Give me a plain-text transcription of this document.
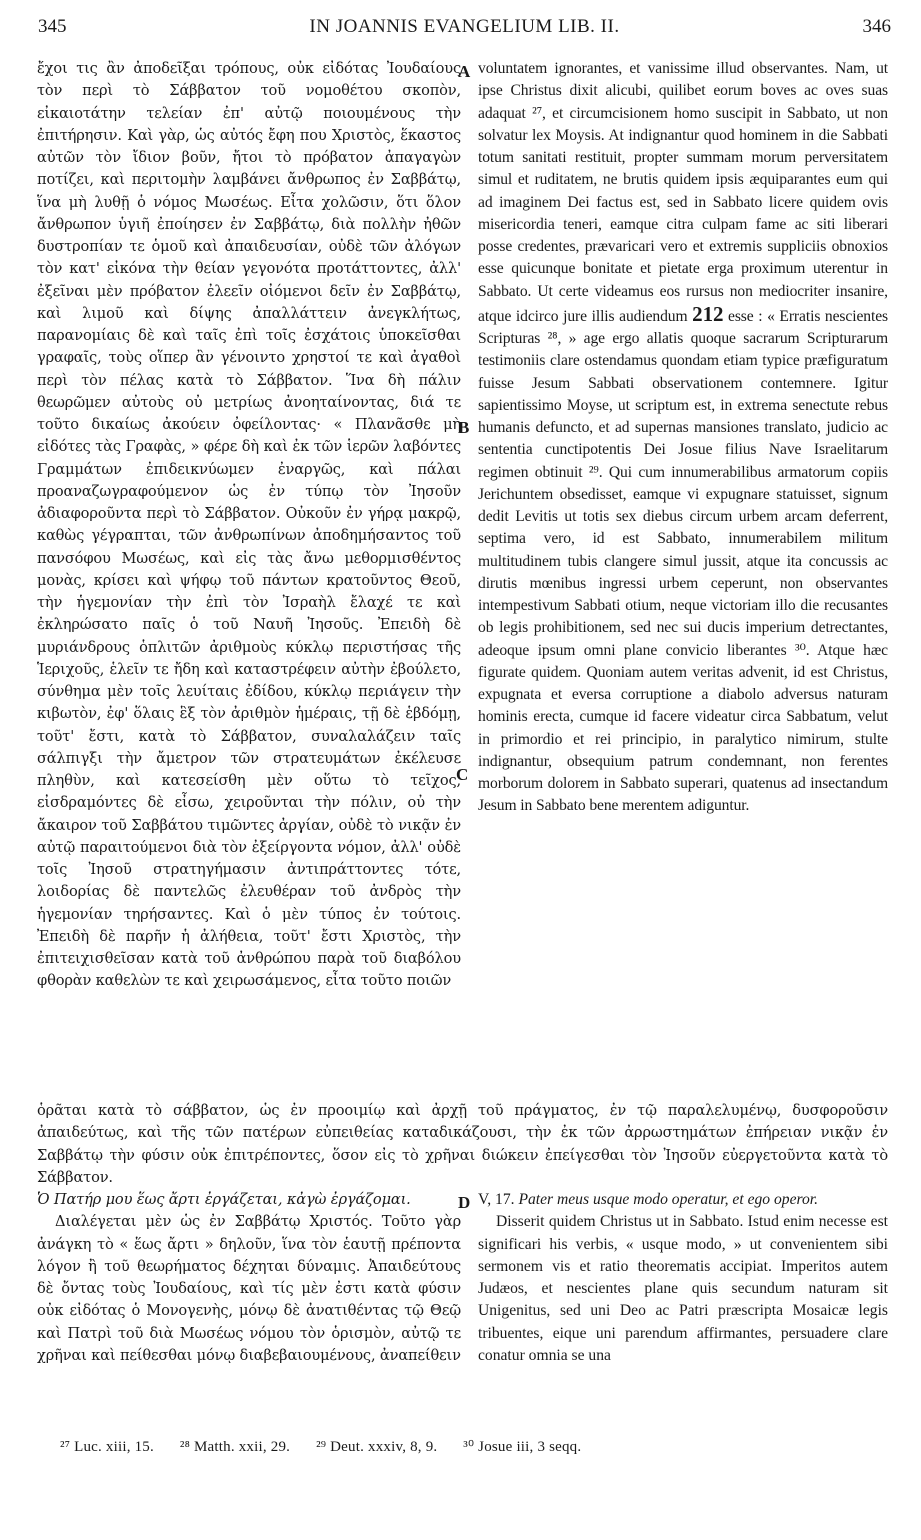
345	IN JOANNIS EVANGELIUM LIB. II.	346

ἔχοι τις ἂν ἀποδεῖξαι τρόπους, οὐκ εἰδότας Ἰουδαίους τὸν περὶ τὸ Σάββατον τοῦ νομοθέτου σκοπὸν, εἰκαιοτάτην τελείαν ἐπ' αὐτῷ ποιουμένους τὴν ἐπιτήρησιν. Καὶ γὰρ, ὡς αὐτός ἔφη που Χριστὸς, ἕκαστος αὐτῶν τὸν ἴδιον βοῦν, ἤτοι τὸ πρόβατον ἀπαγαγὼν ποτίζει, καὶ περιτομὴν λαμβάνει ἄνθρωπος ἐν Σαββάτῳ, ἵνα μὴ λυθῇ ὁ νόμος Μωσέως. Εἶτα χολῶσιν, ὅτι ὅλον ἄνθρωπον ὑγιῆ ἐποίησεν ἐν Σαββάτῳ, διὰ πολλὴν ἠθῶν δυστροπίαν τε ὁμοῦ καὶ ἀπαιδευσίαν, οὐδὲ τῶν ἀλόγων τὸν κατ' εἰκόνα τὴν θείαν γεγονότα προτάττοντες, ἀλλ' ἐξεῖναι μὲν πρόβατον ἐλεεῖν οἰόμενοι δεῖν ἐν Σαββάτῳ, καὶ λιμοῦ καὶ δίψης ἀπαλλάττειν ἀνεγκλήτως, παρανομίαις δὲ καὶ ταῖς ἐπὶ τοῖς ἐσχάτοις ὑποκεῖσθαι γραφαῖς, τοὺς οἵπερ ἂν γένοιντο χρηστοί τε καὶ ἀγαθοὶ περὶ τὸν πέλας κατὰ τὸ Σάββατον. Ἵνα δὴ πάλιν θεωρῶμεν αὐτοὺς οὐ μετρίως ἀνοηταίνοντας, διά τε τοῦτο δικαίως ἀκούειν ὀφείλοντας· « Πλανᾶσθε μὴ εἰδότες τὰς Γραφὰς, » φέρε δὴ καὶ ἐκ τῶν ἱερῶν λαβόντες Γραμμάτων ἐπιδεικνύωμεν ἐναργῶς, καὶ πάλαι προαναζωγραφούμενον ὡς ἐν τύπῳ τὸν Ἰησοῦν ἀδιαφοροῦντα περὶ τὸ Σάββατον. Οὐκοῦν ἐν γήρᾳ μακρῷ, καθὼς γέγραπται, τῶν ἀνθρωπίνων ἀποδημήσαντος τοῦ πανσόφου Μωσέως, καὶ εἰς τὰς ἄνω μεθορμισθέντος μονὰς, κρίσει καὶ ψήφῳ τοῦ πάντων κρατοῦντος Θεοῦ, τὴν ἡγεμονίαν τὴν ἐπὶ τὸν Ἰσραὴλ ἔλαχέ τε καὶ ἐκληρώσατο παῖς ὁ τοῦ Ναυῆ Ἰησοῦς. Ἐπειδὴ δὲ μυριάνδρους ὁπλιτῶν ἀριθμοὺς κύκλῳ περιστήσας τῆς Ἱεριχοῦς, ἑλεῖν τε ἤδη καὶ καταστρέφειν αὐτὴν ἐβούλετο, σύνθημα μὲν τοῖς λευίταις ἐδίδου, κύκλῳ περιάγειν τὴν κιβωτὸν, ἐφ' ὅλαις ἓξ τὸν ἀριθμὸν ἡμέραις, τῇ δὲ ἑβδόμῃ, τοῦτ' ἔστι, κατὰ τὸ Σάββατον, συναλαλάζειν ταῖς σάλπιγξι τὴν ἄμετρον τῶν στρατευμάτων ἐκέλευσε πληθὺν, καὶ κατεσείσθη μὲν οὕτω τὸ τεῖχος, εἰσδραμόντες δὲ εἶσω, χειροῦνται τὴν πόλιν, οὐ τὴν ἄκαιρον τοῦ Σαββάτου τιμῶντες ἀργίαν, οὐδὲ τὸ νικᾷν ἐν αὐτῷ παραιτούμενοι διὰ τὸν ἐξείργοντα νόμον, ἀλλ' οὐδὲ τοῖς Ἰησοῦ στρατηγήμασιν ἀντιπράττοντες τότε, λοιδορίας δὲ παντελῶς ἐλευθέραν τοῦ ἀνδρὸς τὴν ἡγεμονίαν τηρήσαντες. Καὶ ὁ μὲν τύπος ἐν τούτοις. Ἐπειδὴ δὲ παρῆν ἡ ἀλήθεια, τοῦτ' ἔστι Χριστὸς, τὴν ἐπιτειχισθεῖσαν κατὰ τοῦ ἀνθρώπου παρὰ τοῦ διαβόλου φθορὰν καθελὼν τε καὶ χειρωσάμενος, εἶτα τοῦτο ποιῶν

A
B
C
D

voluntatem ignorantes, et vanissime illud observantes. Nam, ut ipse Christus dixit alicubi, quilibet eorum boves ac oves suas adaquat ²⁷, et circumcisionem homo suscipit in Sabbato, ut non solvatur lex Moysis. At indignantur quod hominem in die Sabbati totum sanitati restituit, propter summam morum perversitatem simul et ruditatem, ne brutis quidem ipsis æquiparantes eum qui ad imaginem Dei factus est, sed in Sabbato licere quidem ovis misericordia teneri, eamque citra culpam fame ac siti liberari posse credentes, prævaricari vero et extremis suppliciis obnoxios esse quicunque bonitate et pietate erga proximum uterentur in Sabbato. Ut certe videamus eos rursus non mediocriter insanire, atque idcirco jure illis audiendum 212 esse : « Erratis nescientes Scripturas ²⁸, » age ergo allatis quoque sacrarum Scripturarum testimoniis clare ostendamus quondam etiam typice præfiguratum fuisse Jesum Sabbati observationem contemnere. Igitur sapientissimo Moyse, ut scriptum est, in extrema senectute rebus humanis defuncto, et ad supernas mansiones translato, judicio ac sententia cunctipotentis Dei Josue filius Nave Israelitarum regimen obtinuit ²⁹. Qui cum innumerabilibus armatorum copiis Jerichuntem obsedisset, eamque vi expugnare statuisset, signum dedit Levitis ut totis sex diebus circum urbem arcam deferrent, septima vero, id est Sabbato, innumerabilem militum multitudinem tubis clangere simul jussit, atque ita concussis ac dirutis mœnibus ingressi urbem ceperunt, non observantes intempestivum Sabbati otium, neque victoriam illo die recusantes ob legis prohibitionem, sed nec sui ducis imperium detrectantes, adeoque ipsum omni plane convicio liberantes ³⁰. Atque hæc figurate quidem. Quoniam autem veritas advenit, id est Christus, expugnata et eversa corruptione a diabolo adversus naturam hominis erecta, cumque id facere videatur circa Sabbatum, velut in primordio et rei principio, in paralytico nimirum, stulte indignantur, obsequium patrum condemnant, non ferentes morborum dolorem in Sabbato superari, quatenus ad insectandum Jesum in Sabbato bene merentem adiguntur.

ὁρᾶται κατὰ τὸ σάββατον, ὡς ἐν προοιμίῳ καὶ ἀρχῇ τοῦ πράγματος, ἐν τῷ παραλελυμένῳ, δυσφοροῦσιν ἀπαιδεύτως, καὶ τῆς τῶν πατέρων εὐπειθείας καταδικάζουσι, τὴν ἐκ τῶν ἀρρωστημάτων ἐπήρειαν νικᾷν ἐν Σαββάτῳ τὴν φύσιν οὐκ ἐπιτρέποντες, ὅσον εἰς τὸ χρῆναι διώκειν ἐπείγεσθαι τὸν Ἰησοῦν εὐεργετοῦντα κατὰ τὸ Σάββατον.

Ὁ Πατήρ μου ἕως ἄρτι ἐργάζεται, κἀγὼ ἐργάζομαι.

Διαλέγεται μὲν ὡς ἐν Σαββάτῳ Χριστός. Τοῦτο γὰρ ἀνάγκη τὸ « ἕως ἄρτι » δηλοῦν, ἵνα τὸν ἑαυτῇ πρέποντα λόγον ἢ τοῦ θεωρήματος δέχηται δύναμις. Ἀπαιδεύτους δὲ ὄντας τοὺς Ἰουδαίους, καὶ τίς μὲν ἐστι κατὰ φύσιν οὐκ εἰδότας ὁ Μονογενὴς, μόνῳ δὲ ἀνατιθέντας τῷ Θεῷ καὶ Πατρὶ τοῦ διὰ Μωσέως νόμου τὸν ὁρισμὸν, αὐτῷ τε χρῆναι καὶ πείθεσθαι μόνῳ διαβεβαιουμένους, ἀναπείθειν

V, 17. Pater meus usque modo operatur, et ego operor.

Disserit quidem Christus ut in Sabbato. Istud enim necesse est significari his verbis, « usque modo, » ut convenientem sibi sermonem vis et ratio theorematis accipiat. Imperitos autem Judæos, et nescientes plane quis secundum naturam sit Unigenitus, sed uni Deo ac Patri præscripta Mosaicæ legis tribuentes, eique uni parendum affirmantes, persuadere clare conatur omnia se una

²⁷ Luc. xiii, 15. ²⁸ Matth. xxii, 29. ²⁹ Deut. xxxiv, 8, 9. ³⁰ Josue iii, 3 seqq.
